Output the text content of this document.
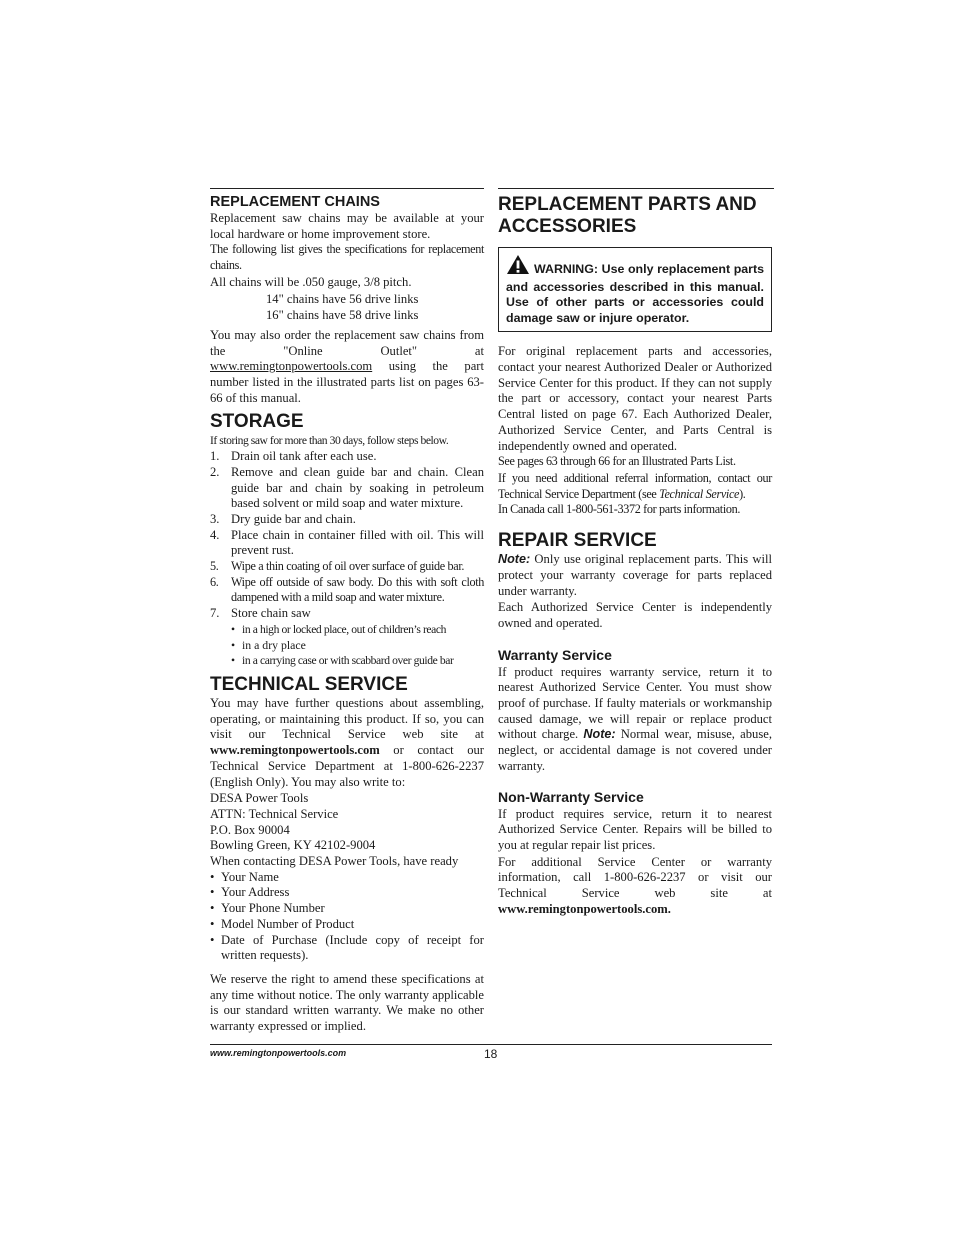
REPLACEMENT CHAINS

Replacement saw chains may be available at your local hardware or home improvement store.

The following list gives the specifications for replacement chains.

All chains will be .050 gauge, 3/8 pitch.

14" chains have 56 drive links

16" chains have 58 drive links

You may also order the replacement saw chains from the "Online Outlet" at www.remingtonpowertools.com using the part number listed in the illustrated parts list on pages 63-66 of this manual.

STORAGE

If storing saw for more than 30 days, follow steps below.

1. Drain oil tank after each use.
2. Remove and clean guide bar and chain. Clean guide bar and chain by soaking in petroleum based solvent or mild soap and water mixture.
3. Dry guide bar and chain.
4. Place chain in container filled with oil. This will prevent rust.
5. Wipe a thin coating of oil over surface of guide bar.
6. Wipe off outside of saw body. Do this with soft cloth dampened with a mild soap and water mixture.
7. Store chain saw
• in a high or locked place, out of children’s reach
• in a dry place
• in a carrying case or with scabbard over guide bar
TECHNICAL SERVICE

You may have further questions about assembling, operating, or maintaining this product. If so, you can visit our Technical Service web site at www.remingtonpowertools.com or contact our Technical Service Department at 1-800-626-2237 (English Only). You may also write to:

DESA Power Tools
ATTN: Technical Service
P.O. Box 90004
Bowling Green, KY 42102-9004

When contacting DESA Power Tools, have ready

• Your Name
• Your Address
• Your Phone Number
• Model Number of Product
• Date of Purchase (Include copy of receipt for written requests).

We reserve the right to amend these specifications at any time without notice. The only warranty applicable is our standard written warranty. We make no other warranty expressed or implied.

REPLACEMENT PARTS AND ACCESSORIES
WARNING: Use only replacement parts and accessories described in this manual. Use of other parts or accessories could damage saw or injure operator.

For original replacement parts and accessories, contact your nearest Authorized Dealer or Authorized Service Center for this product. If they can not supply the part or accessory, contact your nearest Parts Central listed on page 67. Each Authorized Dealer, Authorized Service Center, and Parts Central is independently owned and operated.

See pages 63 through 66 for an Illustrated Parts List.

If you need additional referral information, contact our Technical Service Department (see Technical Service).

In Canada call 1-800-561-3372 for parts information.

REPAIR SERVICE

Note: Only use original replacement parts. This will protect your warranty coverage for parts replaced under warranty.

Each Authorized Service Center is independently owned and operated.

Warranty Service

If product requires warranty service, return it to nearest Authorized Service Center. You must show proof of purchase. If faulty materials or workmanship caused damage, we will repair or replace product without charge. Note: Normal wear, misuse, abuse, neglect, or accidental damage is not covered under warranty.

Non-Warranty Service

If product requires service, return it to nearest Authorized Service Center. Repairs will be billed to you at regular repair list prices.

For additional Service Center or warranty information, call 1-800-626-2237 or visit our Technical Service web site at www.remingtonpowertools.com.

www.remingtonpowertools.com	18
